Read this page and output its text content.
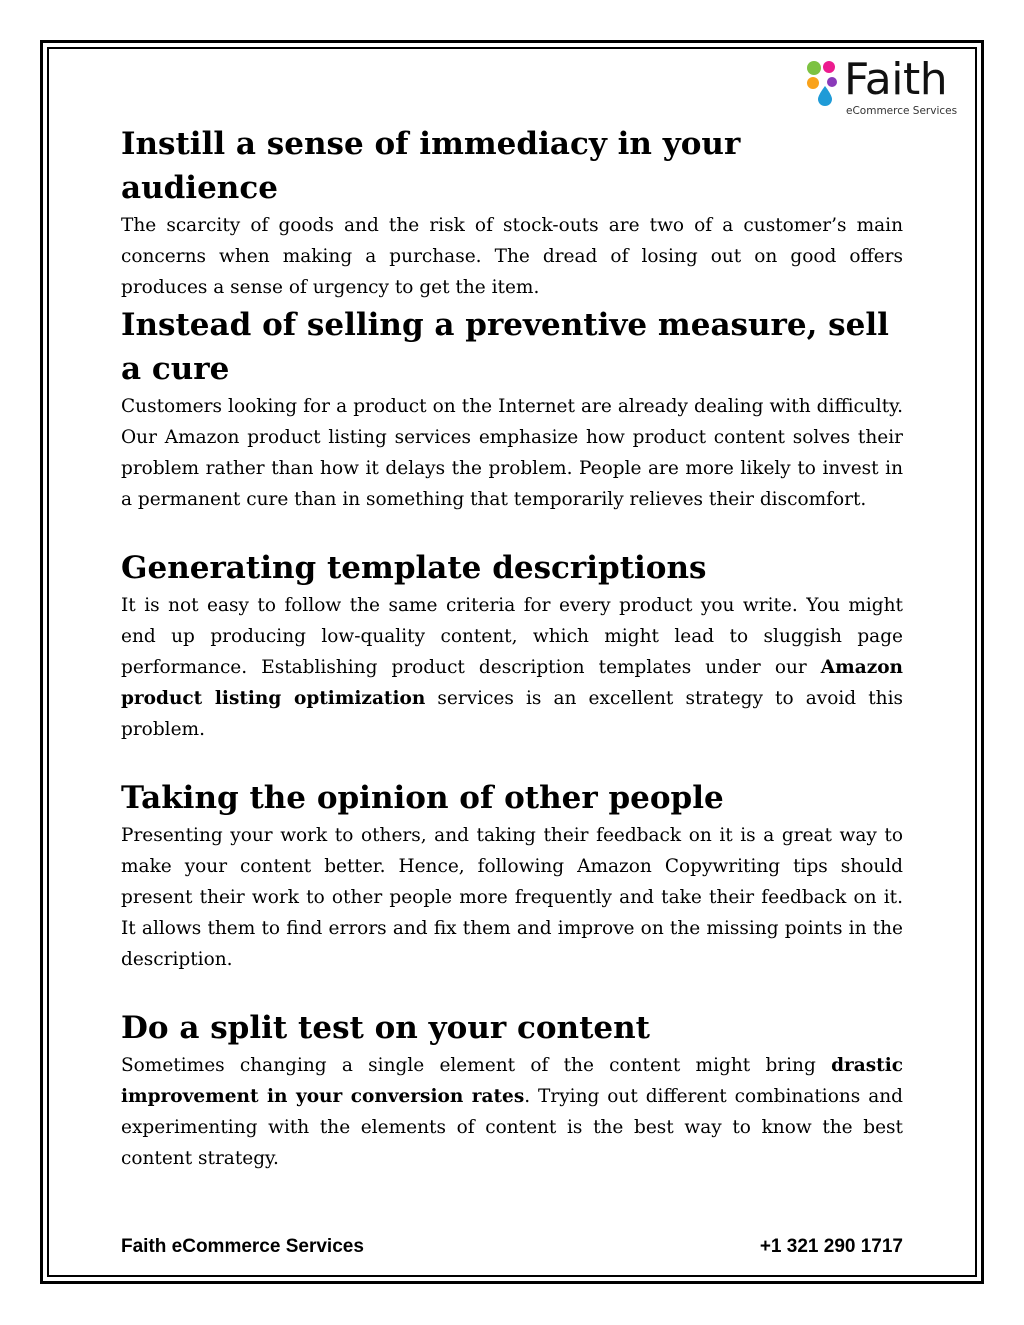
Faith
eCommerce Services
Instill a sense of immediacy in your audience

The scarcity of goods and the risk of stock-outs are two of a customer’s main concerns when making a purchase. The dread of losing out on good offers produces a sense of urgency to get the item.

Instead of selling a preventive measure, sell a cure

Customers looking for a product on the Internet are already dealing with difficulty. Our Amazon product listing services emphasize how product content solves their problem rather than how it delays the problem. People are more likely to invest in a permanent cure than in something that temporarily relieves their discomfort.

Generating template descriptions

It is not easy to follow the same criteria for every product you write. You might end up producing low-quality content, which might lead to sluggish page performance. Establishing product description templates under our Amazon product listing optimization services is an excellent strategy to avoid this problem.

Taking the opinion of other people

Presenting your work to others, and taking their feedback on it is a great way to make your content better. Hence, following Amazon Copywriting tips should present their work to other people more frequently and take their feedback on it. It allows them to find errors and fix them and improve on the missing points in the description.

Do a split test on your content

Sometimes changing a single element of the content might bring drastic improvement in your conversion rates. Trying out different combinations and experimenting with the elements of content is the best way to know the best content strategy.

Faith eCommerce Services	+1 321 290 1717
